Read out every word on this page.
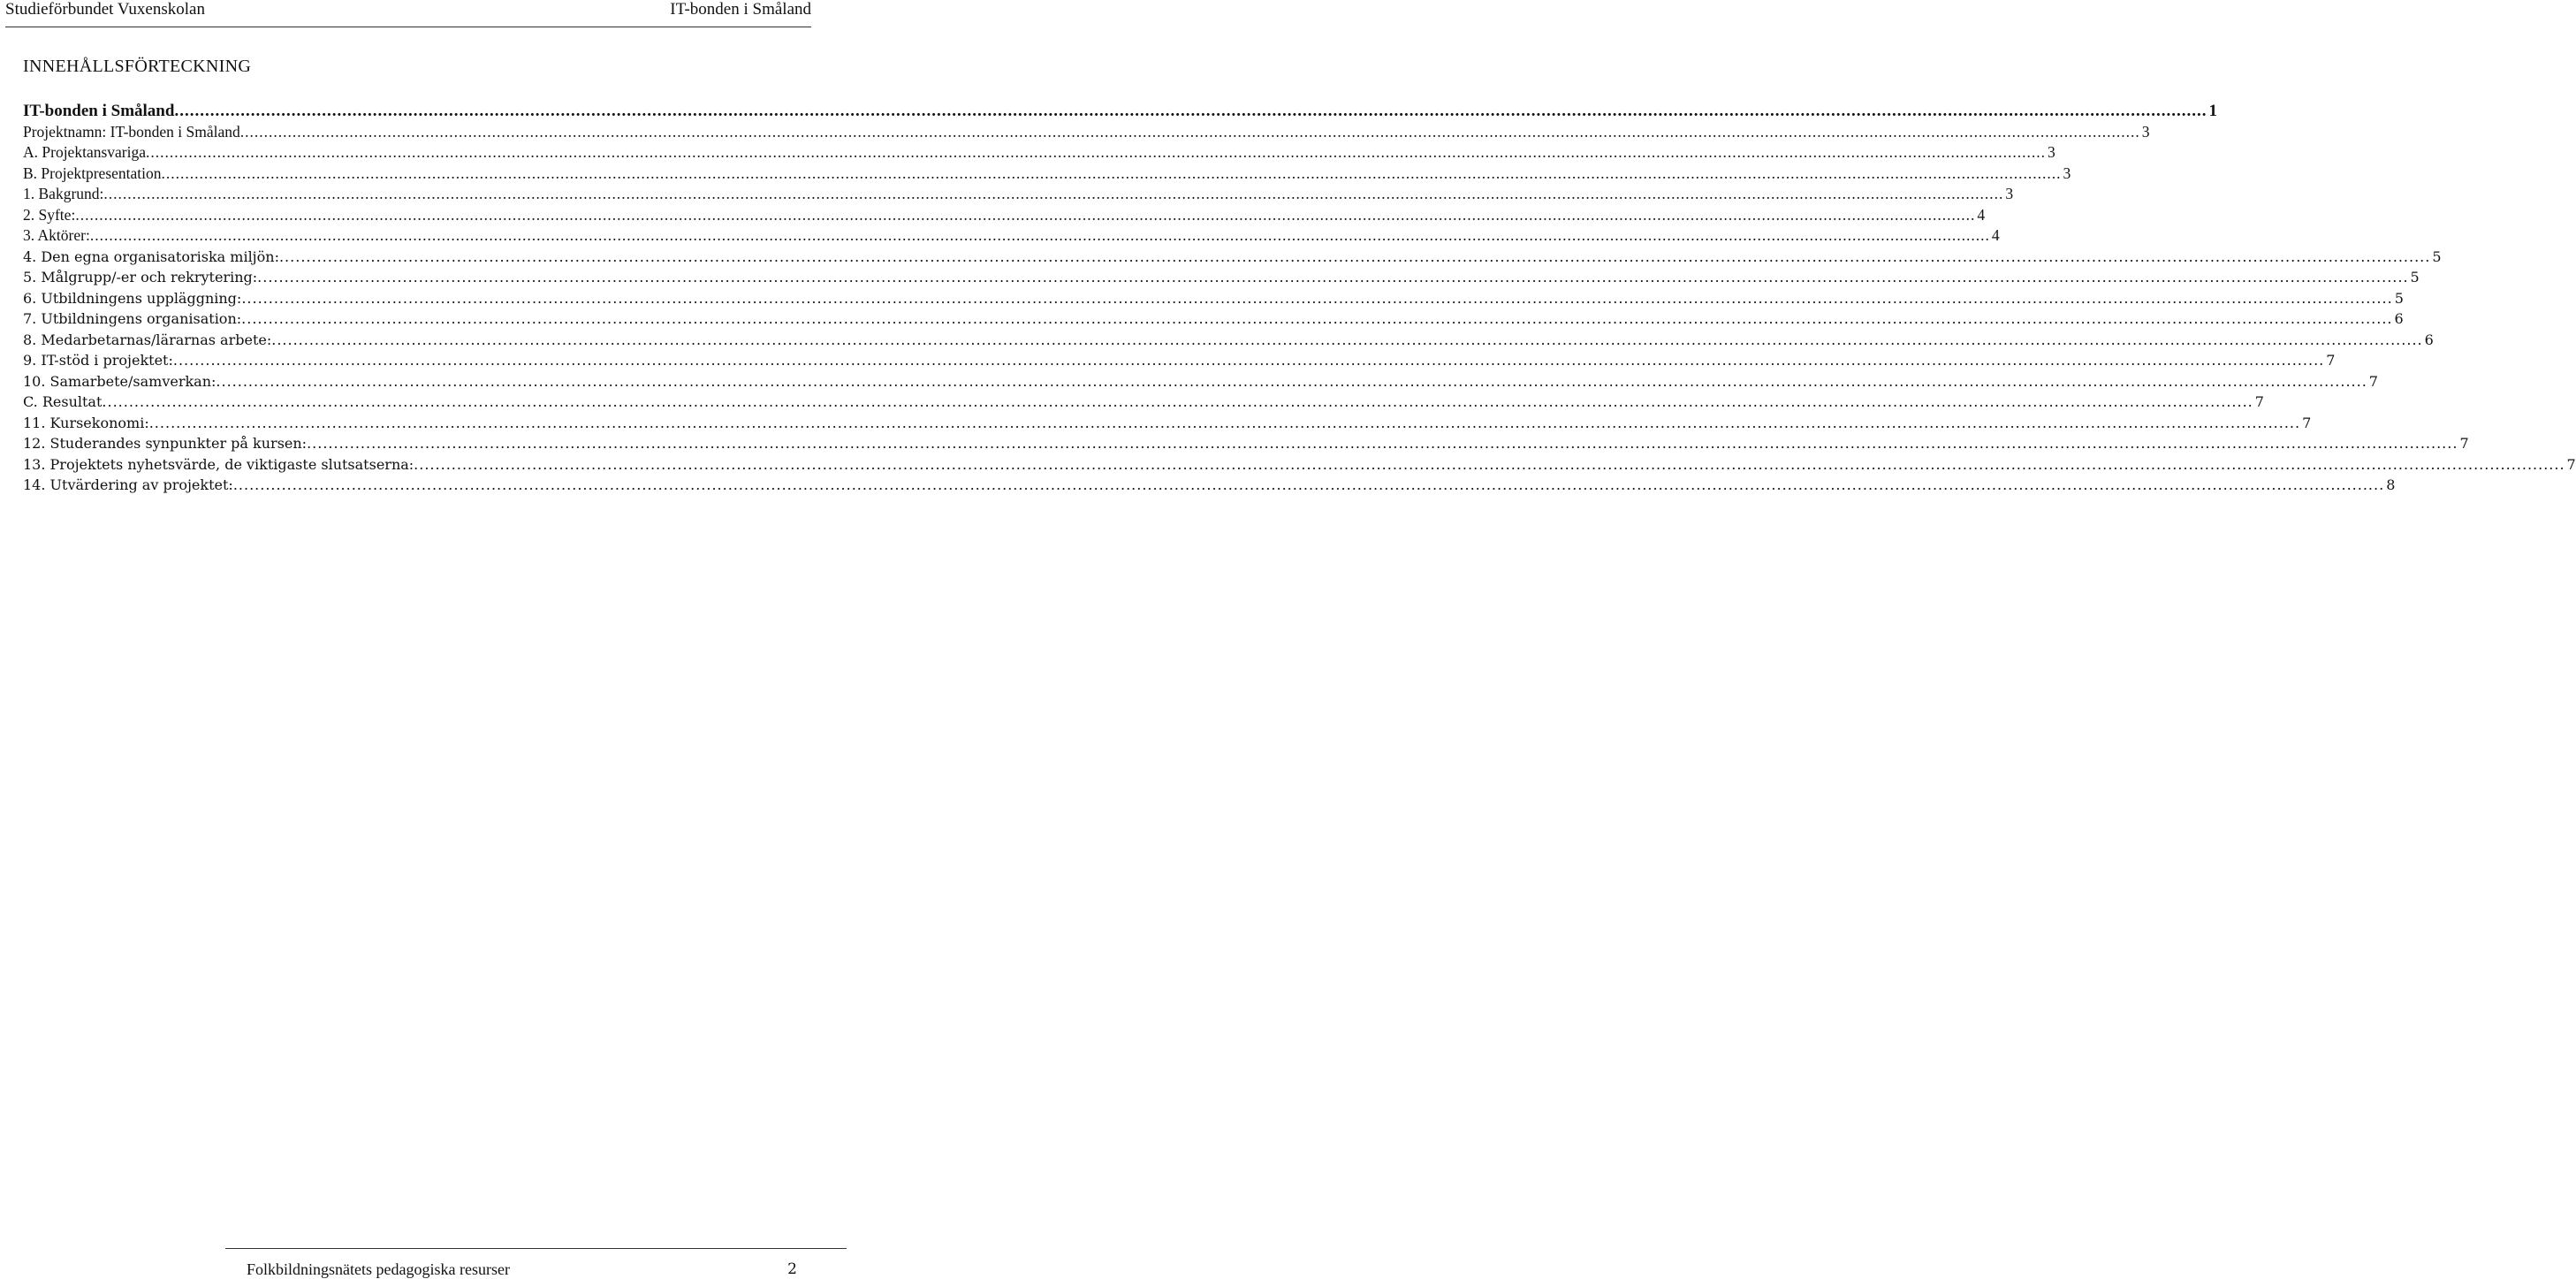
Studieförbundet Vuxenskolan	IT-bonden i Småland
INNEHÅLLSFÖRTECKNING
IT-bonden i Småland ................................................................................................................................................................................................................................................................................................................................................................................................................ 1
Projektnamn: IT-bonden i Småland ................................................................................................................................................................................................................................................................................................................................................................................................................ 3
A. Projektansvariga ................................................................................................................................................................................................................................................................................................................................................................................................................ 3
B. Projektpresentation ................................................................................................................................................................................................................................................................................................................................................................................................................ 3
1. Bakgrund: ................................................................................................................................................................................................................................................................................................................................................................................................................ 3
2. Syfte: ................................................................................................................................................................................................................................................................................................................................................................................................................ 4
3. Aktörer: ................................................................................................................................................................................................................................................................................................................................................................................................................ 4
4. Den egna organisatoriska miljön: ................................................................................................................................................................................................................................................................................................................................................................................................................ 5
5. Målgrupp/-er och rekrytering: ................................................................................................................................................................................................................................................................................................................................................................................................................ 5
6. Utbildningens uppläggning: ................................................................................................................................................................................................................................................................................................................................................................................................................ 5
7. Utbildningens organisation: ................................................................................................................................................................................................................................................................................................................................................................................................................ 6
8. Medarbetarnas/lärarnas arbete: ................................................................................................................................................................................................................................................................................................................................................................................................................ 6
9. IT-stöd i projektet: ................................................................................................................................................................................................................................................................................................................................................................................................................ 7
10. Samarbete/samverkan: ................................................................................................................................................................................................................................................................................................................................................................................................................ 7
C. Resultat ................................................................................................................................................................................................................................................................................................................................................................................................................ 7
11. Kursekonomi: ................................................................................................................................................................................................................................................................................................................................................................................................................ 7
12. Studerandes synpunkter på kursen: ................................................................................................................................................................................................................................................................................................................................................................................................................ 7
13. Projektets nyhetsvärde, de viktigaste slutsatserna: ................................................................................................................................................................................................................................................................................................................................................................................................................ 7
14. Utvärdering av projektet: ................................................................................................................................................................................................................................................................................................................................................................................................................ 8
Folkbildningsnätets pedagogiska resurser	2
